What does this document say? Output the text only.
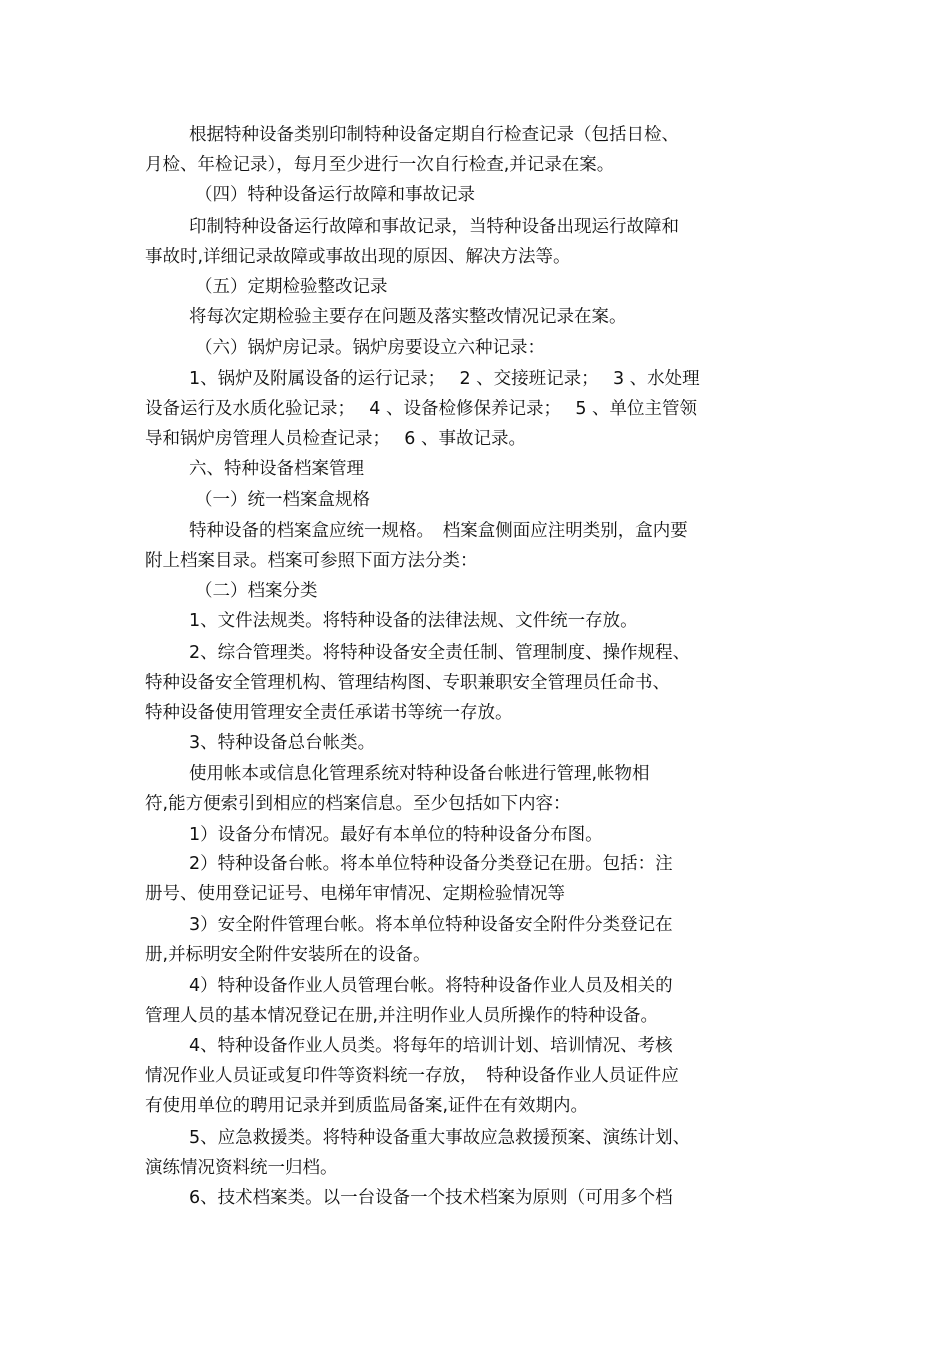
根据特种设备类别印制特种设备定期自行检查记录（包括日检、
月检、年检记录），每月至少进行一次自行检查,并记录在案。
（四）特种设备运行故障和事故记录
印制特种设备运行故障和事故记录，当特种设备出现运行故障和
事故时,详细记录故障或事故出现的原因、解决方法等。
（五）定期检验整改记录
将每次定期检验主要存在问题及落实整改情况记录在案。
（六）锅炉房记录。锅炉房要设立六种记录：
1、锅炉及附属设备的运行记录；　 2 、交接班记录；　 3 、水处理
设备运行及水质化验记录；　 4 、设备检修保养记录；　 5 、单位主管领
导和锅炉房管理人员检查记录；　 6 、事故记录。
六、特种设备档案管理
（一）统一档案盒规格
特种设备的档案盒应统一规格。　档案盒侧面应注明类别，盒内要
附上档案目录。档案可参照下面方法分类：
（二）档案分类
1、文件法规类。将特种设备的法律法规、文件统一存放。
2、综合管理类。将特种设备安全责任制、管理制度、操作规程、
特种设备安全管理机构、管理结构图、专职兼职安全管理员任命书、
特种设备使用管理安全责任承诺书等统一存放。
3、特种设备总台帐类。
使用帐本或信息化管理系统对特种设备台帐进行管理,帐物相
符,能方便索引到相应的档案信息。至少包括如下内容：
1）设备分布情况。最好有本单位的特种设备分布图。
2）特种设备台帐。将本单位特种设备分类登记在册。包括：注
册号、使用登记证号、电梯年审情况、定期检验情况等
3）安全附件管理台帐。将本单位特种设备安全附件分类登记在
册,并标明安全附件安装所在的设备。
4）特种设备作业人员管理台帐。将特种设备作业人员及相关的
管理人员的基本情况登记在册,并注明作业人员所操作的特种设备。
4、特种设备作业人员类。将每年的培训计划、培训情况、考核
情况作业人员证或复印件等资料统一存放，　特种设备作业人员证件应
有使用单位的聘用记录并到质监局备案,证件在有效期内。
5、应急救援类。将特种设备重大事故应急救援预案、演练计划、
演练情况资料统一归档。
6、技术档案类。以一台设备一个技术档案为原则（可用多个档
